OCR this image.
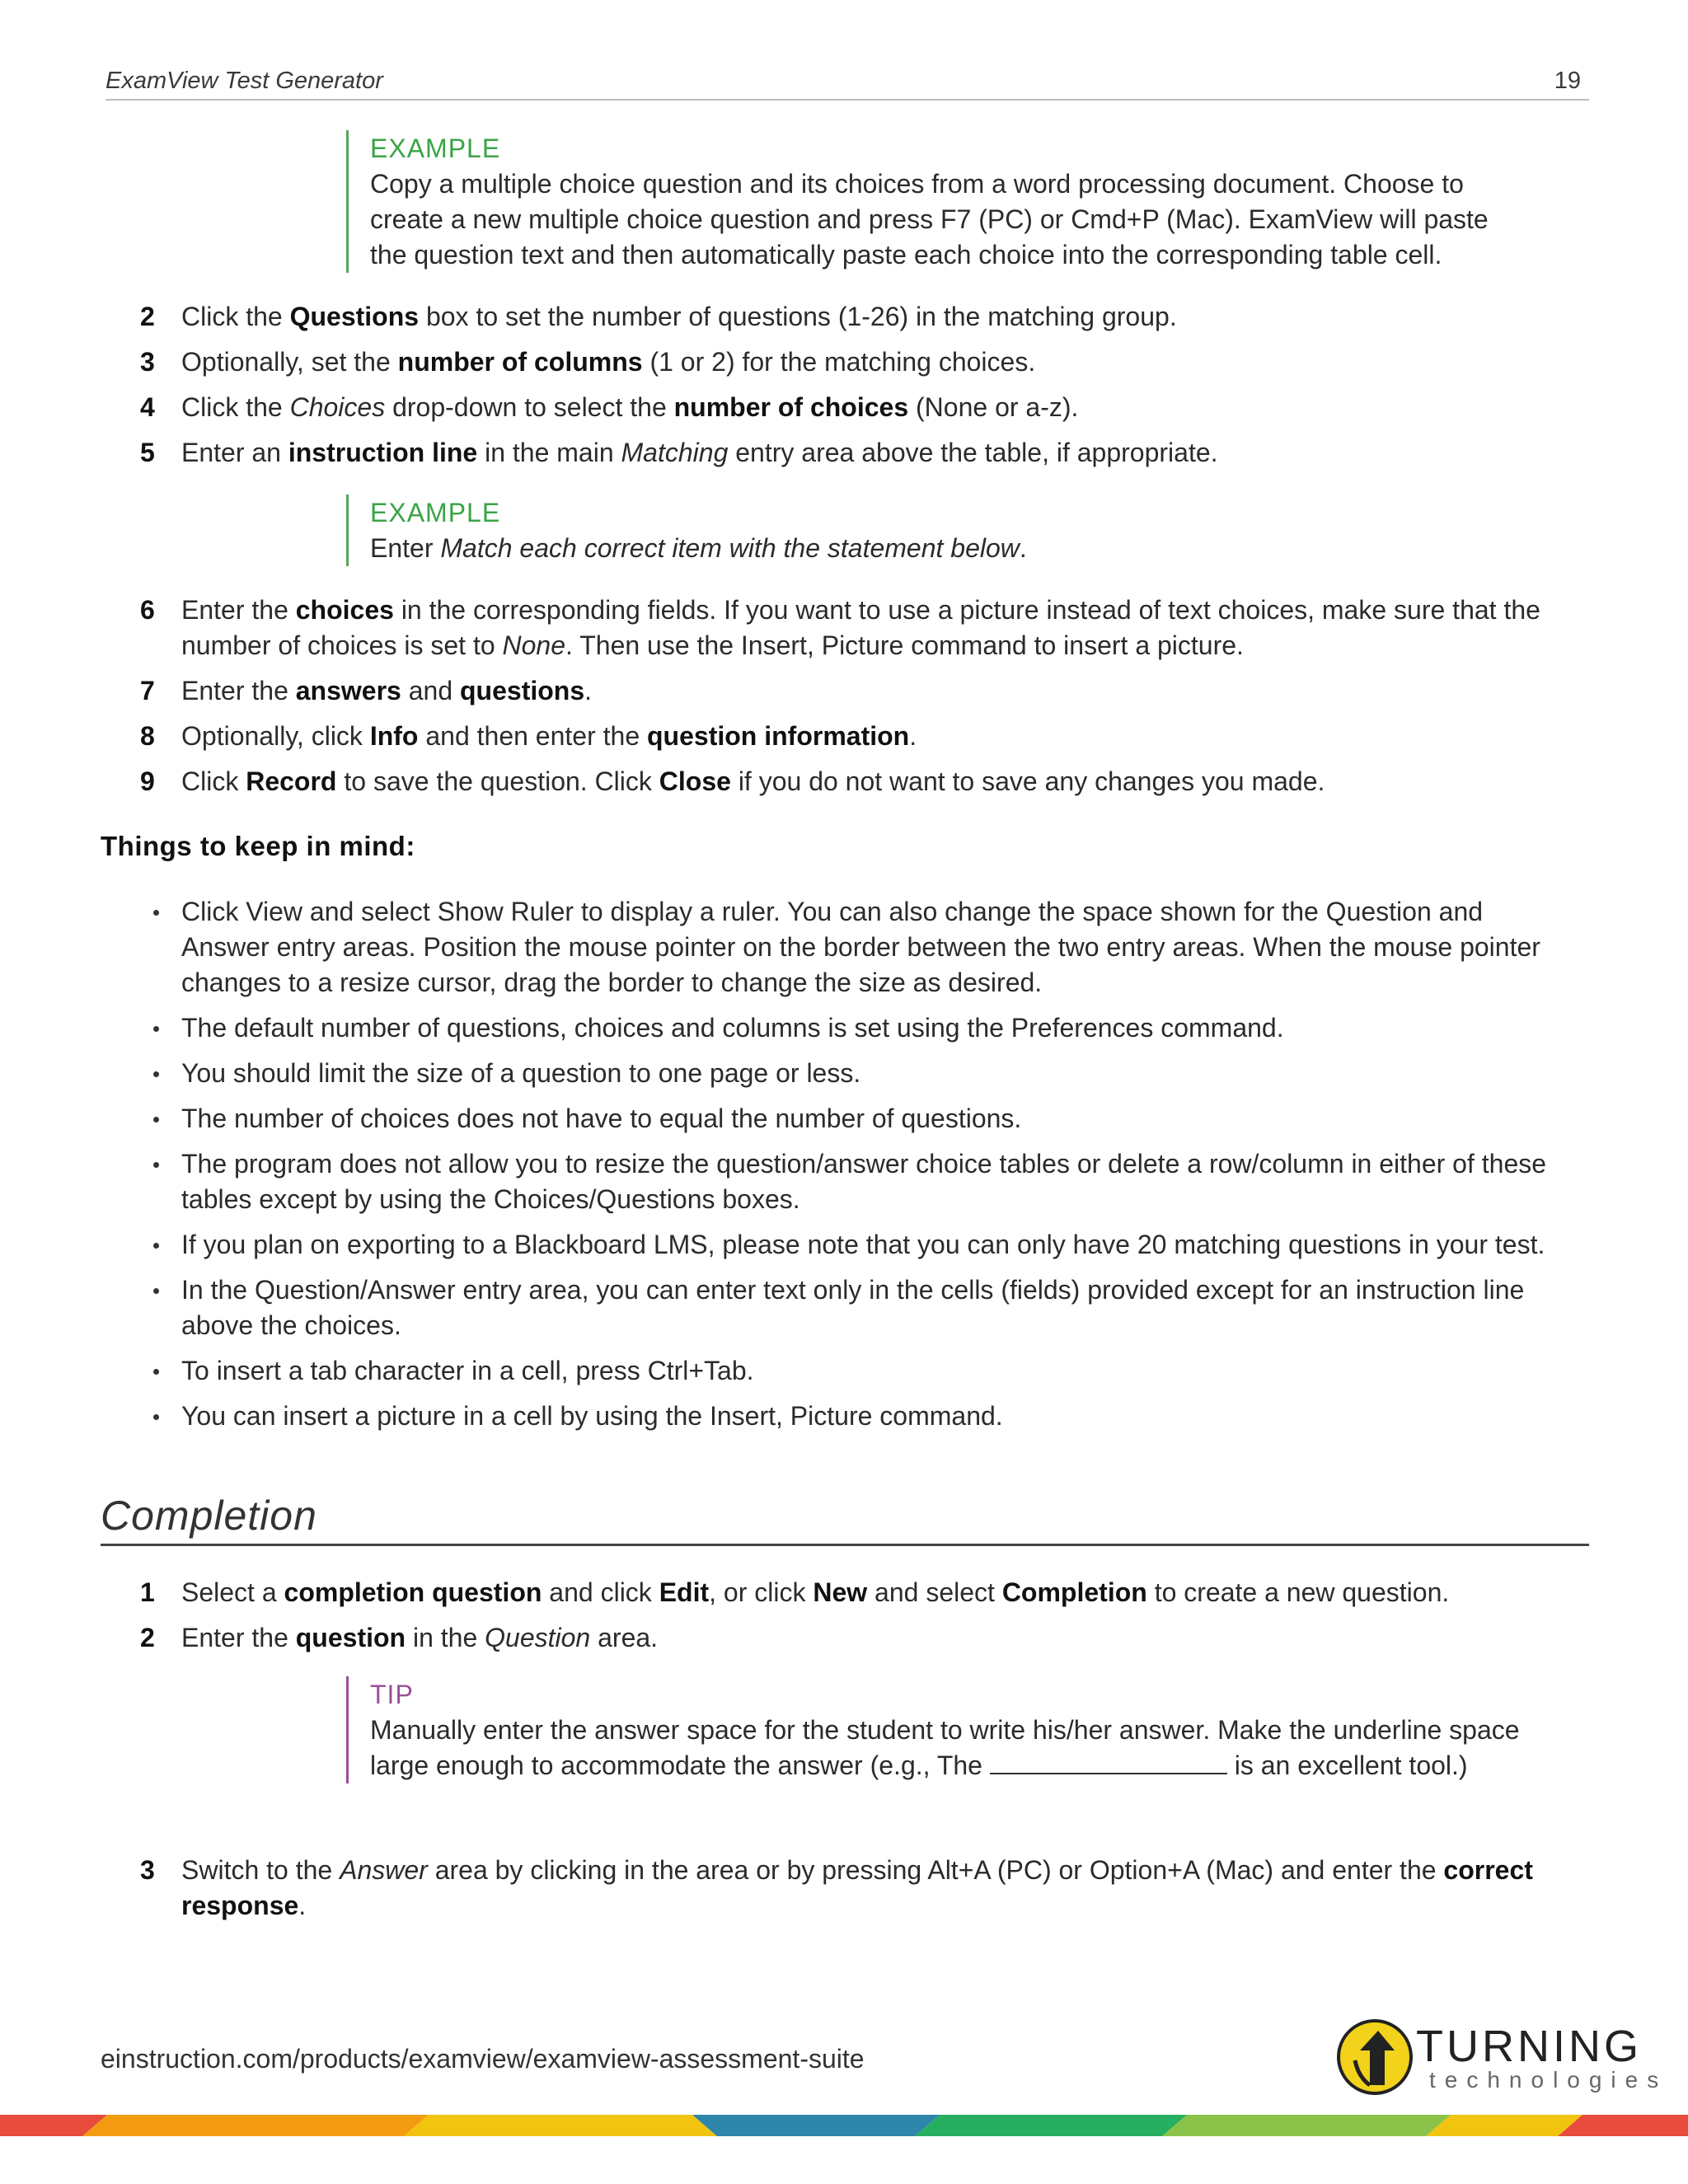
ExamView Test Generator	19
EXAMPLE
Copy a multiple choice question and its choices from a word processing document. Choose to create a new multiple choice question and press F7 (PC) or Cmd+P (Mac). ExamView will paste the question text and then automatically paste each choice into the corresponding table cell.
2	Click the Questions box to set the number of questions (1-26) in the matching group.
3	Optionally, set the number of columns (1 or 2) for the matching choices.
4	Click the Choices drop-down to select the number of choices (None or a-z).
5	Enter an instruction line in the main Matching entry area above the table, if appropriate.
EXAMPLE
Enter Match each correct item with the statement below.
6	Enter the choices in the corresponding fields. If you want to use a picture instead of text choices, make sure that the number of choices is set to None. Then use the Insert, Picture command to insert a picture.
7	Enter the answers and questions.
8	Optionally, click Info and then enter the question information.
9	Click Record to save the question. Click Close if you do not want to save any changes you made.
Things to keep in mind:
Click View and select Show Ruler to display a ruler. You can also change the space shown for the Question and Answer entry areas. Position the mouse pointer on the border between the two entry areas. When the mouse pointer changes to a resize cursor, drag the border to change the size as desired.
The default number of questions, choices and columns is set using the Preferences command.
You should limit the size of a question to one page or less.
The number of choices does not have to equal the number of questions.
The program does not allow you to resize the question/answer choice tables or delete a row/column in either of these tables except by using the Choices/Questions boxes.
If you plan on exporting to a Blackboard LMS, please note that you can only have 20 matching questions in your test.
In the Question/Answer entry area, you can enter text only in the cells (fields) provided except for an instruction line above the choices.
To insert a tab character in a cell, press Ctrl+Tab.
You can insert a picture in a cell by using the Insert, Picture command.
Completion
1	Select a completion question and click Edit, or click New and select Completion to create a new question.
2	Enter the question in the Question area.
TIP
Manually enter the answer space for the student to write his/her answer. Make the underline space large enough to accommodate the answer (e.g., The	is an excellent tool.)
3	Switch to the Answer area by clicking in the area or by pressing Alt+A (PC) or Option+A (Mac) and enter the correct response.
einstruction.com/products/examview/examview-assessment-suite	TURNING
technologies
